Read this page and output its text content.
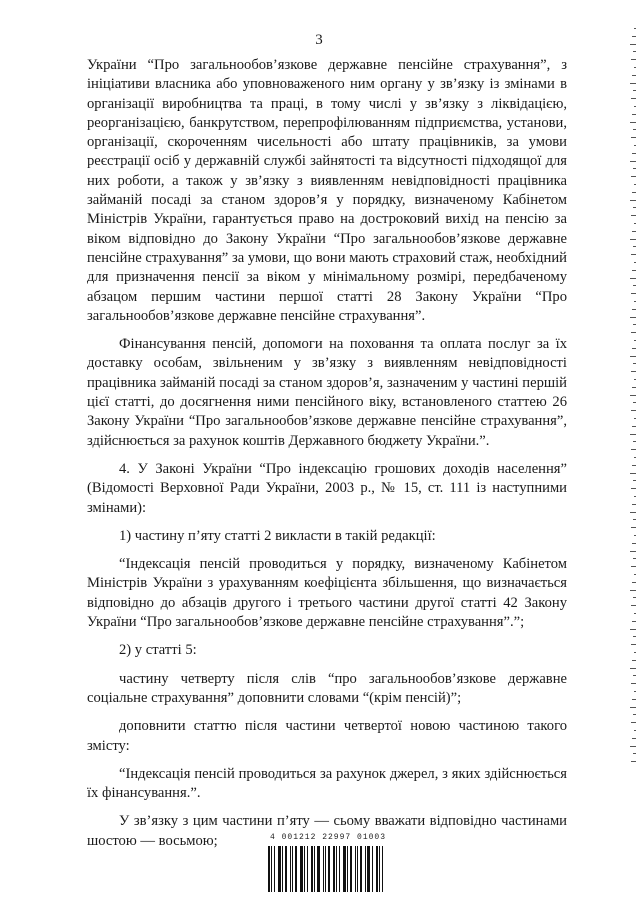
3

України “Про загальнообов’язкове державне пенсійне страхування”, з ініціативи власника або уповноваженого ним органу у зв’язку із змінами в організації виробництва та праці, в тому числі у зв’язку з ліквідацією, реорганізацією, банкрутством, перепрофілюванням підприємства, установи, організації, скороченням чисельності або штату працівників, за умови реєстрації осіб у державній службі зайнятості та відсутності підходящої для них роботи, а також у зв’язку з виявленням невідповідності працівника займаній посаді за станом здоров’я у порядку, визначеному Кабінетом Міністрів України, гарантується право на достроковий вихід на пенсію за віком відповідно до Закону України “Про загальнообов’язкове державне пенсійне страхування” за умови, що вони мають страховий стаж, необхідний для призначення пенсії за віком у мінімальному розмірі, передбаченому абзацом першим частини першої статті 28 Закону України “Про загальнообов’язкове державне пенсійне страхування”.

Фінансування пенсій, допомоги на поховання та оплата послуг за їх доставку особам, звільненим у зв’язку з виявленням невідповідності працівника займаній посаді за станом здоров’я, зазначеним у частині першій цієї статті, до досягнення ними пенсійного віку, встановленого статтею 26 Закону України “Про загальнообов’язкове державне пенсійне страхування”, здійснюється за рахунок коштів Державного бюджету України.”.

4. У Законі України “Про індексацію грошових доходів населення” (Відомості Верховної Ради України, 2003 р., № 15, ст. 111 із наступними змінами):

1) частину п’яту статті 2 викласти в такій редакції:

“Індексація пенсій проводиться у порядку, визначеному Кабінетом Міністрів України з урахуванням коефіцієнта збільшення, що визначається відповідно до абзаців другого і третього частини другої статті 42 Закону України “Про загальнообов’язкове державне пенсійне страхування”.”;

2) у статті 5:

частину четверту після слів “про загальнообов’язкове державне соціальне страхування” доповнити словами “(крім пенсій)”;

доповнити статтю після частини четвертої новою частиною такого змісту:

“Індексація пенсій проводиться за рахунок джерел, з яких здійснюється їх фінансування.”.

У зв’язку з цим частини п’яту — сьому вважати відповідно частинами шостою — восьмою;	4 001212 22997 01003
